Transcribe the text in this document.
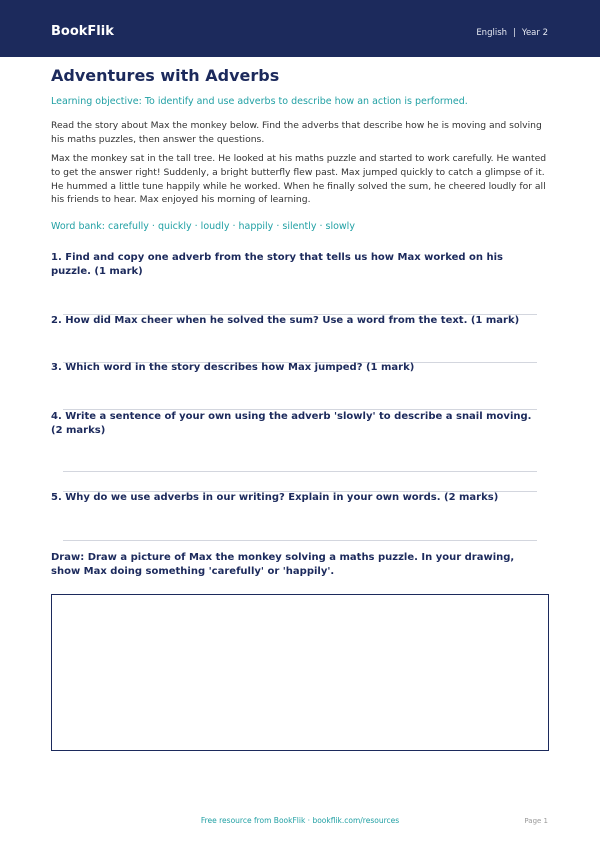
BookFlik	English | Year 2
Adventures with Adverbs
Learning objective: To identify and use adverbs to describe how an action is performed.
Read the story about Max the monkey below. Find the adverbs that describe how he is moving and solving his maths puzzles, then answer the questions.
Max the monkey sat in the tall tree. He looked at his maths puzzle and started to work carefully. He wanted to get the answer right! Suddenly, a bright butterfly flew past. Max jumped quickly to catch a glimpse of it. He hummed a little tune happily while he worked. When he finally solved the sum, he cheered loudly for all his friends to hear. Max enjoyed his morning of learning.
Word bank: carefully · quickly · loudly · happily · silently · slowly
1. Find and copy one adverb from the story that tells us how Max worked on his puzzle. (1 mark)
2. How did Max cheer when he solved the sum? Use a word from the text. (1 mark)
3. Which word in the story describes how Max jumped? (1 mark)
4. Write a sentence of your own using the adverb 'slowly' to describe a snail moving. (2 marks)
5. Why do we use adverbs in our writing? Explain in your own words. (2 marks)
Draw: Draw a picture of Max the monkey solving a maths puzzle. In your drawing, show Max doing something 'carefully' or 'happily'.
Free resource from BookFlik · bookflik.com/resources	Page 1
